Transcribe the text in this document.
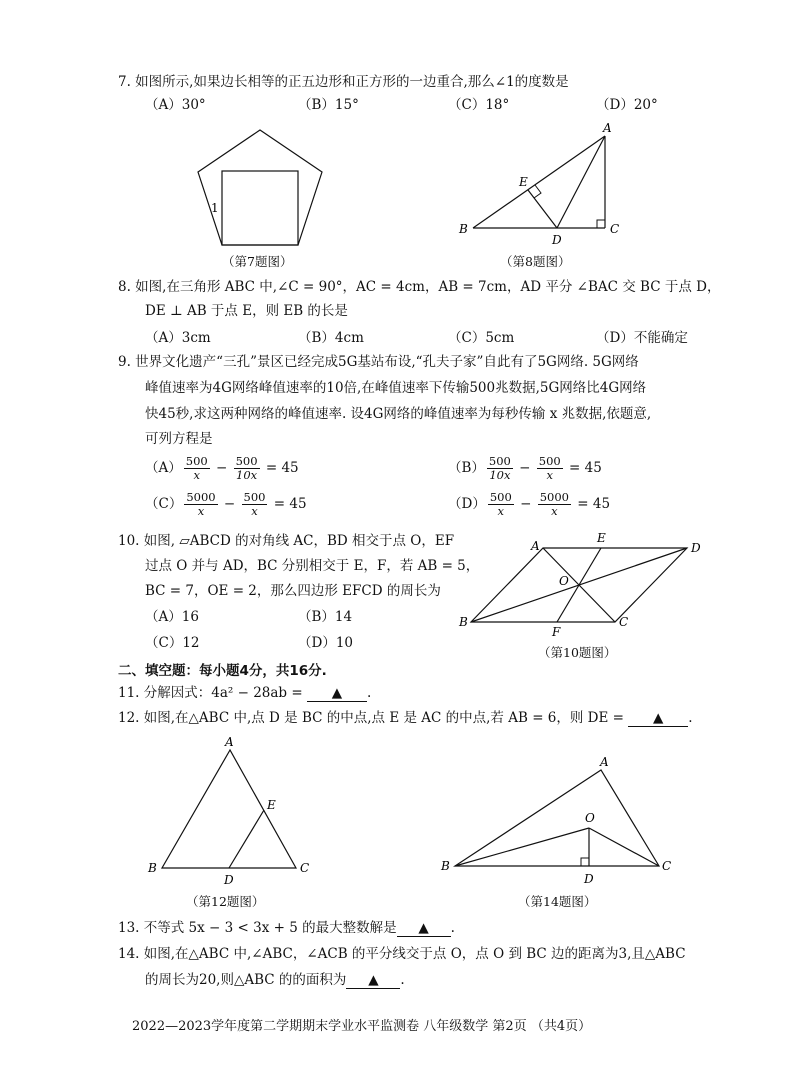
7. 如图所示,如果边长相等的正五边形和正方形的一边重合,那么∠1的度数是
（A）30°	（B）15°	（C）18°	（D）20°
1
（第7题图）
A
B	C
D
E
（第8题图）
8. 如图,在三角形 ABC 中,∠C = 90°，AC = 4cm，AB = 7cm，AD 平分 ∠BAC 交 BC 于点 D，
DE ⊥ AB 于点 E，则 EB 的长是
（A）3cm	（B）4cm	（C）5cm	（D）不能确定
9. 世界文化遗产“三孔”景区已经完成5G基站布设,“孔夫子家”自此有了5G网络. 5G网络
峰值速率为4G网络峰值速率的10倍,在峰值速率下传输500兆数据,5G网络比4G网络
快45秒,求这两种网络的峰值速率. 设4G网络的峰值速率为每秒传输 x 兆数据,依题意,
可列方程是
$(A) \frac{500}{x} - \frac{500}{10x} = 45$	$(B) \frac{500}{10x} - \frac{500}{x} = 45$
$(C) \frac{5000}{x} - \frac{500}{x} = 45$	$(D) \frac{500}{x} - \frac{5000}{x} = 45$
10. 如图, ▱ABCD 的对角线 AC，BD 相交于点 O，EF
过点 O 并与 AD，BC 分别相交于 E，F，若 AB = 5，
BC = 7，OE = 2，那么四边形 EFCD 的周长为
（A）16	（B）14
（C）12	（D）10
A
B	C
D
E
F
O
（第10题图）
二、填空题：每小题4分，共16分.
11. 分解因式：4a² − 28ab = ▲ .
12. 如图,在△ABC 中,点 D 是 BC 的中点,点 E 是 AC 的中点,若 AB = 6，则 DE = ▲ .
A
B	C
D
E
（第12题图）
A
B	C
D
O
（第14题图）
13. 不等式 5x − 3 < 3x + 5 的最大整数解是 ▲ .
14. 如图,在△ABC 中,∠ABC，∠ACB 的平分线交于点 O，点 O 到 BC 边的距离为3,且△ABC
的周长为20,则△ABC 的的面积为 ▲ .
2022—2023学年度第二学期期末学业水平监测卷 八年级数学 第2页 （共4页）
